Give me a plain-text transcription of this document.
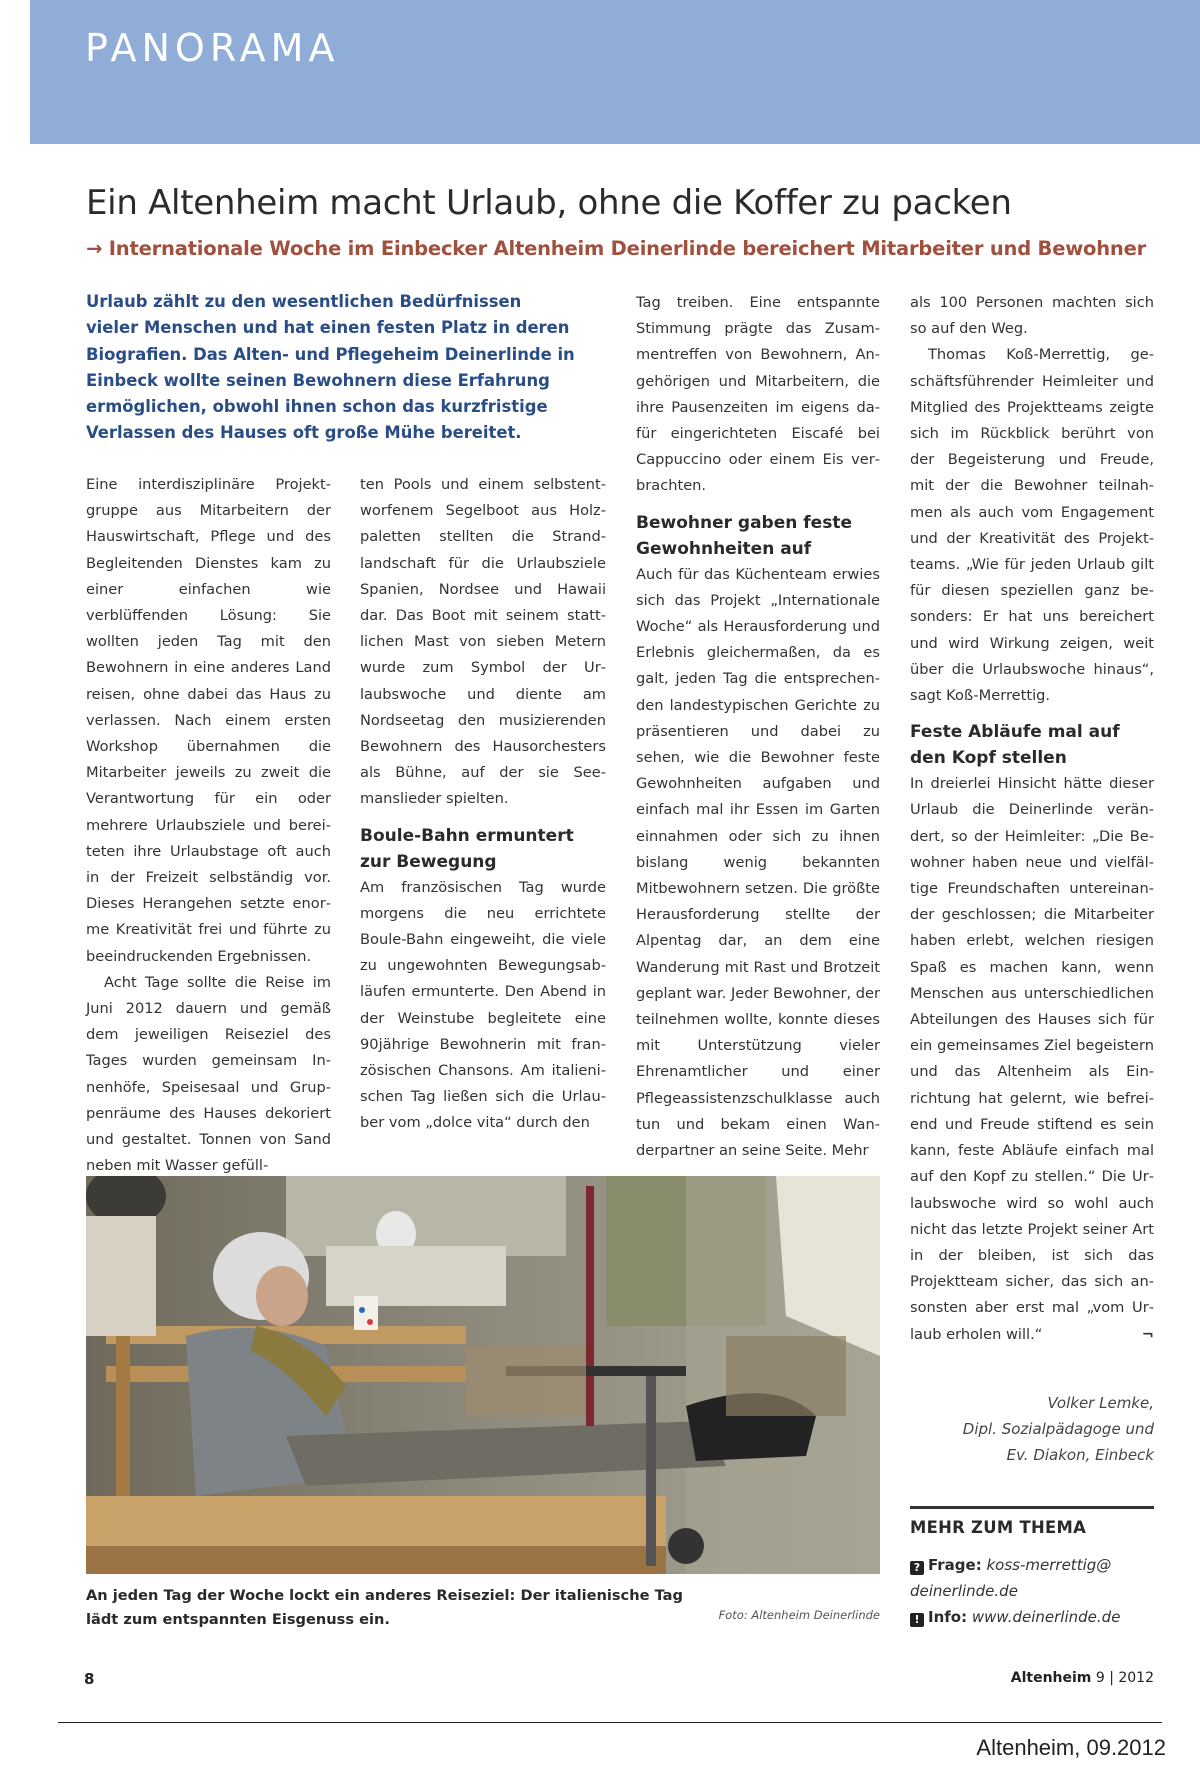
PANORAMA
Ein Altenheim macht Urlaub, ohne die Koffer zu packen
→ Internationale Woche im Einbecker Altenheim Deinerlinde bereichert Mitarbeiter und Bewohner
Urlaub zählt zu den wesentlichen Bedürfnissen vieler Menschen und hat einen festen Platz in deren Biografien. Das Alten- und Pflegeheim Deinerlinde in Einbeck wollte seinen Bewohnern diese Erfahrung ermöglichen, obwohl ihnen schon das kurzfristige Verlassen des Hauses oft große Mühe bereitet.

Eine interdisziplinäre Projektgruppe aus Mitarbeitern der Hauswirtschaft, Pflege und des Begleitenden Dienstes kam zu einer einfachen wie verblüffenden Lösung: Sie wollten jeden Tag mit den Bewohnern in eine anderes Land reisen, ohne dabei das Haus zu verlassen. Nach einem ersten Workshop übernahmen die Mitarbeiter jeweils zu zweit die Verantwortung für ein oder mehrere Urlaubsziele und bereiteten ihre Urlaubstage oft auch in der Freizeit selbständig vor. Dieses Herangehen setzte enorme Kreativität frei und führte zu beeindruckenden Ergebnissen.

Acht Tage sollte die Reise im Juni 2012 dauern und gemäß dem jeweiligen Reiseziel des Tages wurden gemeinsam Innenhöfe, Speisesaal und Gruppenräume des Hauses dekoriert und gestaltet. Tonnen von Sand neben mit Wasser gefüll-

ten Pools und einem selbstentworfenem Segelboot aus Holzpaletten stellten die Strandlandschaft für die Urlaubsziele Spanien, Nordsee und Hawaii dar. Das Boot mit seinem stattlichen Mast von sieben Metern wurde zum Symbol der Urlaubswoche und diente am Nordseetag den musizierenden Bewohnern des Hausorchesters als Bühne, auf der sie Seemanslieder spielten.

Boule-Bahn ermuntert zur Bewegung

Am französischen Tag wurde morgens die neu errichtete Boule-Bahn eingeweiht, die viele zu ungewohnten Bewegungsabläufen ermunterte. Den Abend in der Weinstube begleitete eine 90jährige Bewohnerin mit französischen Chansons. Am italienischen Tag ließen sich die Urlauber vom „dolce vita“ durch den

Tag treiben. Eine entspannte Stimmung prägte das Zusammentreffen von Bewohnern, Angehörigen und Mitarbeitern, die ihre Pausenzeiten im eigens dafür eingerichteten Eiscafé bei Cappuccino oder einem Eis verbrachten.

Bewohner gaben feste Gewohnheiten auf

Auch für das Küchenteam erwies sich das Projekt „Internationale Woche“ als Herausforderung und Erlebnis gleichermaßen, da es galt, jeden Tag die entsprechenden landestypischen Gerichte zu präsentieren und dabei zu sehen, wie die Bewohner feste Gewohnheiten aufgaben und einfach mal ihr Essen im Garten einnahmen oder sich zu ihnen bislang wenig bekannten Mitbewohnern setzen. Die größte Herausforderung stellte der Alpentag dar, an dem eine Wanderung mit Rast und Brotzeit geplant war. Jeder Bewohner, der teilnehmen wollte, konnte dieses mit Unterstützung vieler Ehrenamtlicher und einer Pflegeassistenzschulklasse auch tun und bekam einen Wanderpartner an seine Seite. Mehr

als 100 Personen machten sich so auf den Weg.

Thomas Koß-Merrettig, geschäftsführender Heimleiter und Mitglied des Projektteams zeigte sich im Rückblick berührt von der Begeisterung und Freude, mit der die Bewohner teilnahmen als auch vom Engagement und der Kreativität des Projektteams. „Wie für jeden Urlaub gilt für diesen speziellen ganz besonders: Er hat uns bereichert und wird Wirkung zeigen, weit über die Urlaubswoche hinaus“, sagt Koß-Merrettig.

Feste Abläufe mal auf den Kopf stellen

In dreierlei Hinsicht hätte dieser Urlaub die Deinerlinde verändert, so der Heimleiter: „Die Bewohner haben neue und vielfältige Freundschaften untereinander geschlossen; die Mitarbeiter haben erlebt, welchen riesigen Spaß es machen kann, wenn Menschen aus unterschiedlichen Abteilungen des Hauses sich für ein gemeinsames Ziel begeistern und das Altenheim als Einrichtung hat gelernt, wie befreiend und Freude stiftend es sein kann, feste Abläufe einfach mal auf den Kopf zu stellen.“ Die Urlaubswoche wird so wohl auch nicht das letzte Projekt seiner Art in der bleiben, ist sich das Projektteam sicher, das sich ansonsten aber erst mal „vom Urlaub erholen will.“	¬

An jeden Tag der Woche lockt ein anderes Reiseziel: Der italienische Tag lädt zum entspannten Eisgenuss ein.	Foto: Altenheim Deinerlinde
Volker Lemke,
Dipl. Sozialpädagoge und
Ev. Diakon, Einbeck
MEHR ZUM THEMA
? Frage: koss-merrettig@
deinerlinde.de
! Info: www.deinerlinde.de
8	Altenheim 9 | 2012
Altenheim, 09.2012
